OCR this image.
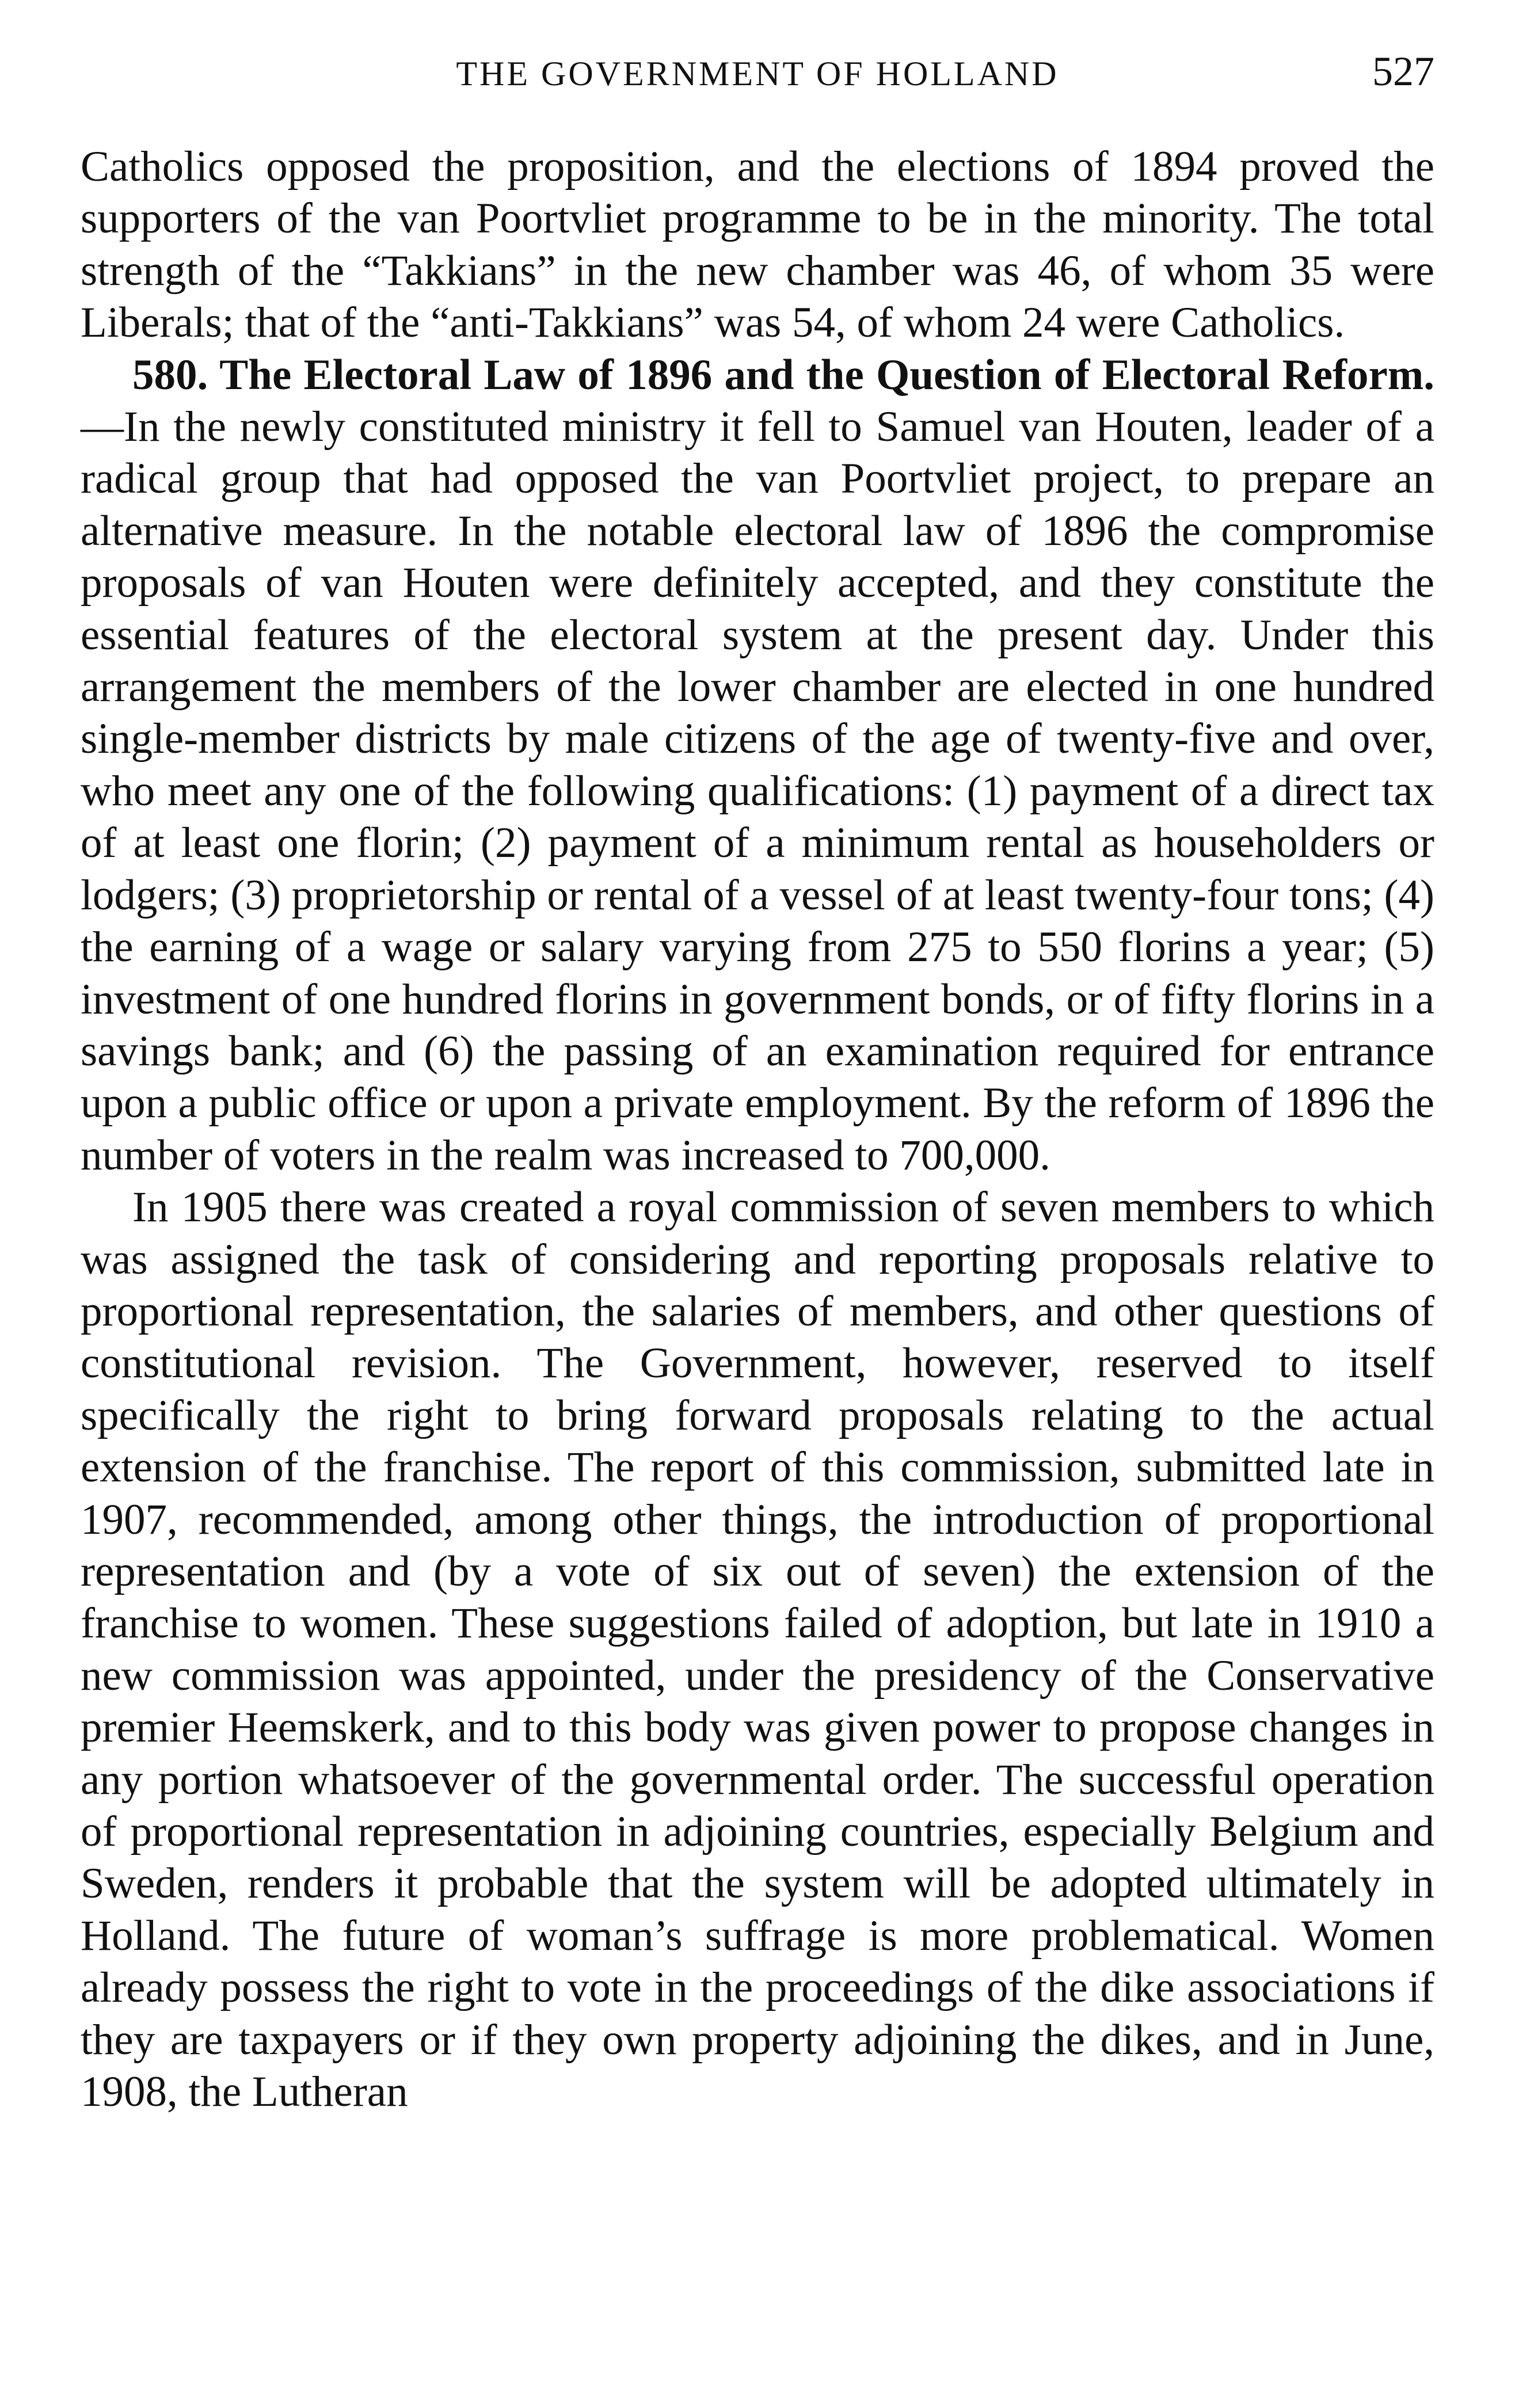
THE GOVERNMENT OF HOLLAND	527

Catholics opposed the proposition, and the elections of 1894 proved the supporters of the van Poortvliet programme to be in the minority. The total strength of the “Takkians” in the new chamber was 46, of whom 35 were Liberals; that of the “anti-Takkians” was 54, of whom 24 were Catholics.

580. The Electoral Law of 1896 and the Question of Electoral Reform.—In the newly constituted ministry it fell to Samuel van Houten, leader of a radical group that had opposed the van Poortvliet project, to prepare an alternative measure. In the notable electoral law of 1896 the compromise proposals of van Houten were definitely accepted, and they constitute the essential features of the electoral system at the present day. Under this arrangement the members of the lower chamber are elected in one hundred single-member districts by male citizens of the age of twenty-five and over, who meet any one of the following qualifications: (1) payment of a direct tax of at least one florin; (2) payment of a minimum rental as householders or lodgers; (3) proprietorship or rental of a vessel of at least twenty-four tons; (4) the earning of a wage or salary varying from 275 to 550 florins a year; (5) investment of one hundred florins in government bonds, or of fifty florins in a savings bank; and (6) the passing of an examination required for entrance upon a public office or upon a private employment. By the reform of 1896 the number of voters in the realm was increased to 700,000.

In 1905 there was created a royal commission of seven members to which was assigned the task of considering and reporting proposals relative to proportional representation, the salaries of members, and other questions of constitutional revision. The Government, however, reserved to itself specifically the right to bring forward proposals relating to the actual extension of the franchise. The report of this commission, submitted late in 1907, recommended, among other things, the introduction of proportional representation and (by a vote of six out of seven) the extension of the franchise to women. These suggestions failed of adoption, but late in 1910 a new commission was appointed, under the presidency of the Conservative premier Heemskerk, and to this body was given power to propose changes in any portion whatsoever of the governmental order. The successful operation of proportional representation in adjoining countries, especially Belgium and Sweden, renders it probable that the system will be adopted ultimately in Holland. The future of woman’s suffrage is more problematical. Women already possess the right to vote in the proceedings of the dike associations if they are taxpayers or if they own property adjoining the dikes, and in June, 1908, the Lutheran
